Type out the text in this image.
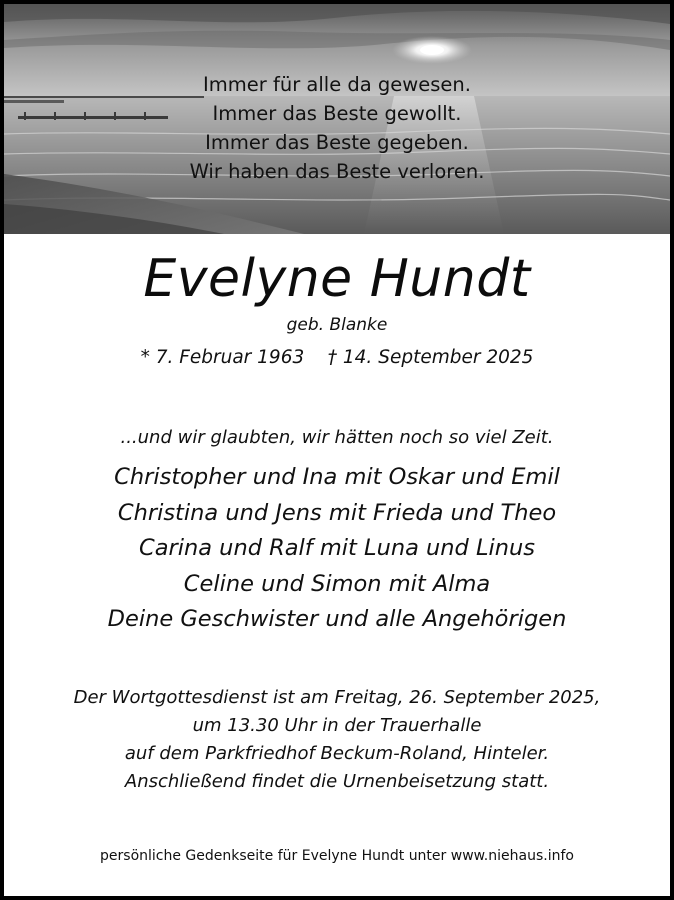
Immer für alle da gewesen.
Immer das Beste gewollt.
Immer das Beste gegeben.
Wir haben das Beste verloren.
Evelyne Hundt
geb. Blanke
* 7. Februar 1963    † 14. September 2025
...und wir glaubten, wir hätten noch so viel Zeit.
Christopher und Ina mit Oskar und Emil
Christina und Jens mit Frieda und Theo
Carina und Ralf mit Luna und Linus
Celine und Simon mit Alma
Deine Geschwister und alle Angehörigen
Der Wortgottesdienst ist am Freitag, 26. September 2025,
um 13.30 Uhr in der Trauerhalle
auf dem Parkfriedhof Beckum-Roland, Hinteler.
Anschließend findet die Urnenbeisetzung statt.
persönliche Gedenkseite für Evelyne Hundt unter www.niehaus.info
